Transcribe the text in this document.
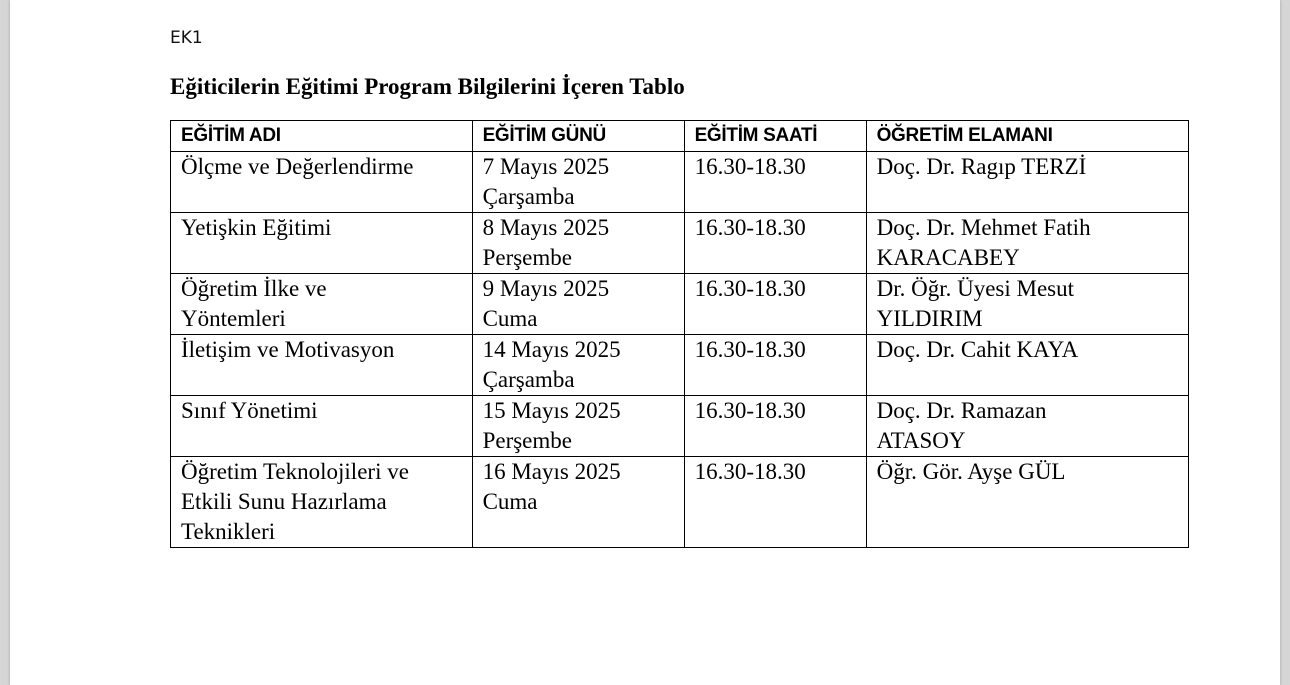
EK1
Eğiticilerin Eğitimi Program Bilgilerini İçeren Tablo
EĞİTİM ADI	EĞİTİM GÜNÜ	EĞİTİM SAATİ	ÖĞRETİM ELAMANI

Ölçme ve Değerlendirme	7 Mayıs 2025
Çarşamba	16.30-18.30	Doç. Dr. Ragıp TERZİ

Yetişkin Eğitimi	8 Mayıs 2025
Perşembe	16.30-18.30	Doç. Dr. Mehmet Fatih
KARACABEY

Öğretim İlke ve
Yöntemleri	9 Mayıs 2025
Cuma	16.30-18.30	Dr. Öğr. Üyesi Mesut
YILDIRIM

İletişim ve Motivasyon	14 Mayıs 2025
Çarşamba	16.30-18.30	Doç. Dr. Cahit KAYA

Sınıf Yönetimi	15 Mayıs 2025
Perşembe	16.30-18.30	Doç. Dr. Ramazan
ATASOY

Öğretim Teknolojileri ve
Etkili Sunu Hazırlama
Teknikleri	16 Mayıs 2025
Cuma	16.30-18.30	Öğr. Gör. Ayşe GÜL
